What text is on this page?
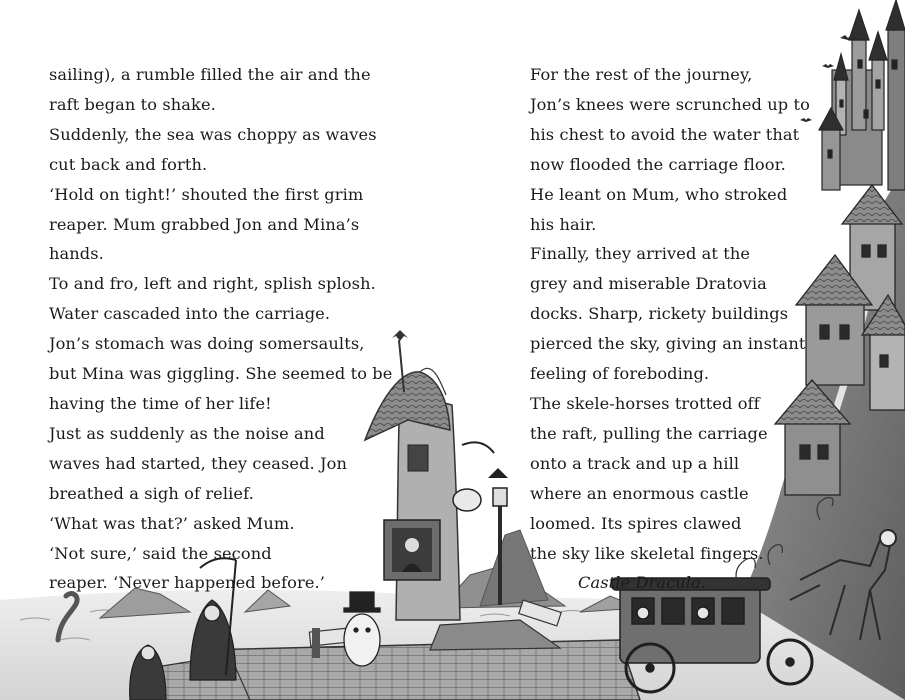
sailing), a rumble filled the air and the
raft began to shake.
Suddenly, the sea was choppy as waves
cut back and forth.
‘Hold on tight!’ shouted the first grim
reaper. Mum grabbed Jon and Mina’s
hands.
To and fro, left and right, splish splosh.
Water cascaded into the carriage.
Jon’s stomach was doing somersaults,
but Mina was giggling. She seemed to be
having the time of her life!
Just as suddenly as the noise and
waves had started, they ceased. Jon
breathed a sigh of relief.
‘What was that?’ asked Mum.
‘Not sure,’ said the second
reaper. ‘Never happened before.’
For the rest of the journey,
Jon’s knees were scrunched up to
his chest to avoid the water that
now flooded the carriage floor.
He leant on Mum, who stroked
his hair.
Finally, they arrived at the
grey and miserable Dratovia
docks. Sharp, rickety buildings
pierced the sky, giving an instant
feeling of foreboding.
The skele-horses trotted off
the raft, pulling the carriage
onto a track and up a hill
where an enormous castle
loomed. Its spires clawed
the sky like skeletal fingers.
Castle Dracula.
